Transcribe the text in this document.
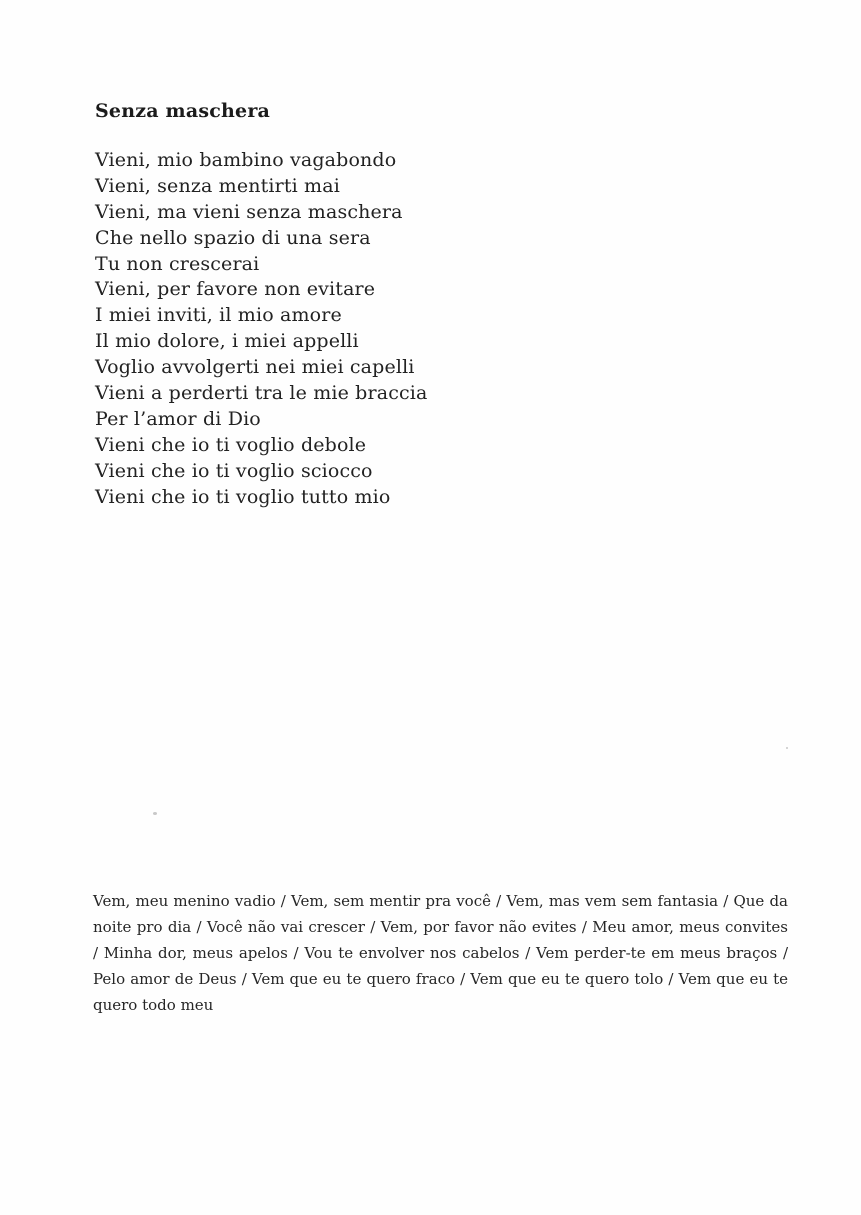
Senza maschera
Vieni, mio bambino vagabondo
Vieni, senza mentirti mai
Vieni, ma vieni senza maschera
Che nello spazio di una sera
Tu non crescerai
Vieni, per favore non evitare
I miei inviti, il mio amore
Il mio dolore, i miei appelli
Voglio avvolgerti nei miei capelli
Vieni a perderti tra le mie braccia
Per l’amor di Dio
Vieni che io ti voglio debole
Vieni che io ti voglio sciocco
Vieni che io ti voglio tutto mio

Vem, meu menino vadio / Vem, sem mentir pra você / Vem, mas vem sem fantasia / Que da noite pro dia / Você não vai crescer / Vem, por favor não evites / Meu amor, meus convites / Minha dor, meus apelos / Vou te envolver nos cabelos / Vem perder-te em meus braços / Pelo amor de Deus / Vem que eu te quero fraco / Vem que eu te quero tolo / Vem que eu te quero todo meu
